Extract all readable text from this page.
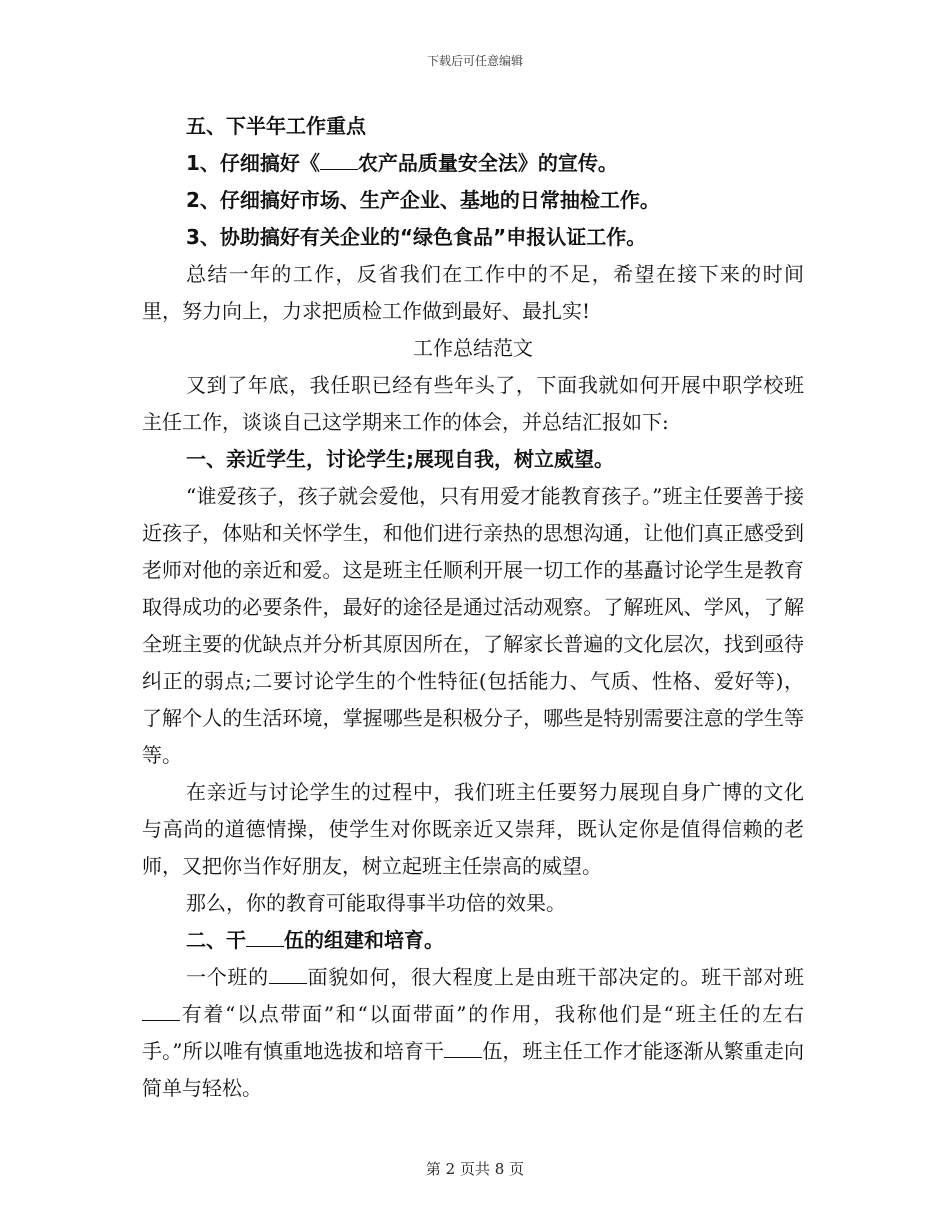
下载后可任意编辑

五、下半年工作重点

1、仔细搞好《 农产品质量安全法》的宣传。

2、仔细搞好市场、生产企业、基地的日常抽检工作。

3、协助搞好有关企业的“绿色食品”申报认证工作。

总结一年的工作，反省我们在工作中的不足，希望在接下来的时间里，努力向上，力求把质检工作做到最好、最扎实!

工作总结范文

又到了年底，我任职已经有些年头了，下面我就如何开展中职学校班主任工作，谈谈自己这学期来工作的体会，并总结汇报如下:

一、亲近学生，讨论学生;展现自我，树立威望。

“谁爱孩子，孩子就会爱他，只有用爱才能教育孩子。”班主任要善于接近孩子，体贴和关怀学生，和他们进行亲热的思想沟通，让他们真正感受到老师对他的亲近和爱。这是班主任顺利开展一切工作的基矗讨论学生是教育取得成功的必要条件，最好的途径是通过活动观察。了解班风、学风，了解全班主要的优缺点并分析其原因所在，了解家长普遍的文化层次，找到亟待纠正的弱点;二要讨论学生的个性特征(包括能力、气质、性格、爱好等)，了解个人的生活环境，掌握哪些是积极分子，哪些是特别需要注意的学生等等。

在亲近与讨论学生的过程中，我们班主任要努力展现自身广博的文化与高尚的道德情操，使学生对你既亲近又崇拜，既认定你是值得信赖的老师，又把你当作好朋友，树立起班主任崇高的威望。

那么，你的教育可能取得事半功倍的效果。

二、干 伍的组建和培育。

一个班的 面貌如何，很大程度上是由班干部决定的。班干部对班有着“以点带面”和“以面带面”的作用，我称他们是“班主任的左右手。”所以唯有慎重地选拔和培育干 伍，班主任工作才能逐渐从繁重走向简单与轻松。

第 2 页共 8 页
